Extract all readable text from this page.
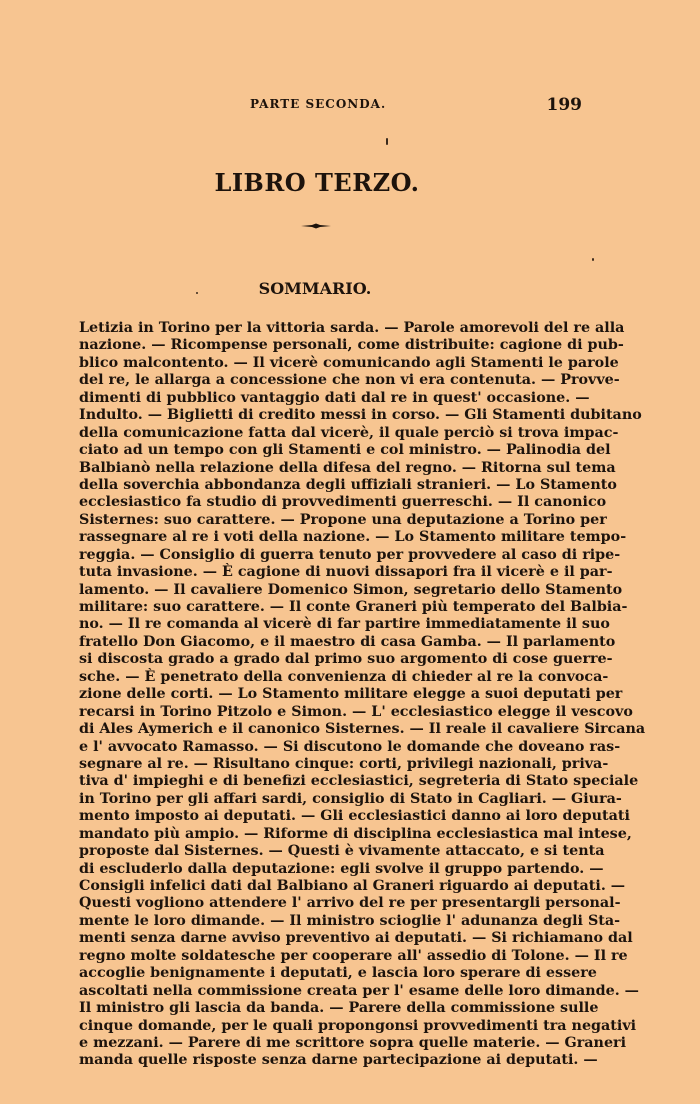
PARTE SECONDA.	199
LIBRO TERZO.
SOMMARIO.
Letizia in Torino per la vittoria sarda. — Parole amorevoli del re alla
nazione. — Ricompense personali, come distribuite: cagione di pub-
blico malcontento. — Il vicerè comunicando agli Stamenti le parole
del re, le allarga a concessione che non vi era contenuta. — Provve-
dimenti di pubblico vantaggio dati dal re in quest' occasione. —
Indulto. — Biglietti di credito messi in corso. — Gli Stamenti dubitano
della comunicazione fatta dal vicerè, il quale perciò si trova impac-
ciato ad un tempo con gli Stamenti e col ministro. — Palinodia del
Balbianò nella relazione della difesa del regno. — Ritorna sul tema
della soverchia abbondanza degli uffiziali stranieri. — Lo Stamento
ecclesiastico fa studio di provvedimenti guerreschi. — Il canonico
Sisternes: suo carattere. — Propone una deputazione a Torino per
rassegnare al re i voti della nazione. — Lo Stamento militare tempo-
reggia. — Consiglio di guerra tenuto per provvedere al caso di ripe-
tuta invasione. — È cagione di nuovi dissapori fra il vicerè e il par-
lamento. — Il cavaliere Domenico Simon, segretario dello Stamento
militare: suo carattere. — Il conte Graneri più temperato del Balbia-
no. — Il re comanda al vicerè di far partire immediatamente il suo
fratello Don Giacomo, e il maestro di casa Gamba. — Il parlamento
si discosta grado a grado dal primo suo argomento di cose guerre-
sche. — È penetrato della convenienza di chieder al re la convoca-
zione delle corti. — Lo Stamento militare elegge a suoi deputati per
recarsi in Torino Pitzolo e Simon. — L' ecclesiastico elegge il vescovo
di Ales Aymerich e il canonico Sisternes. — Il reale il cavaliere Sircana
e l' avvocato Ramasso. — Si discutono le domande che doveano ras-
segnare al re. — Risultano cinque: corti, privilegi nazionali, priva-
tiva d' impieghi e di benefizi ecclesiastici, segreteria di Stato speciale
in Torino per gli affari sardi, consiglio di Stato in Cagliari. — Giura-
mento imposto ai deputati. — Gli ecclesiastici danno ai loro deputati
mandato più ampio. — Riforme di disciplina ecclesiastica mal intese,
proposte dal Sisternes. — Questi è vivamente attaccato, e si tenta
di escluderlo dalla deputazione: egli svolve il gruppo partendo. —
Consigli infelici dati dal Balbiano al Graneri riguardo ai deputati. —
Questi vogliono attendere l' arrivo del re per presentargli personal-
mente le loro dimande. — Il ministro scioglie l' adunanza degli Sta-
menti senza darne avviso preventivo ai deputati. — Si richiamano dal
regno molte soldatesche per cooperare all' assedio di Tolone. — Il re
accoglie benignamente i deputati, e lascia loro sperare di essere
ascoltati nella commissione creata per l' esame delle loro dimande. —
Il ministro gli lascia da banda. — Parere della commissione sulle
cinque domande, per le quali propongonsi provvedimenti tra negativi
e mezzani. — Parere di me scrittore sopra quelle materie. — Graneri
manda quelle risposte senza darne partecipazione ai deputati. —
